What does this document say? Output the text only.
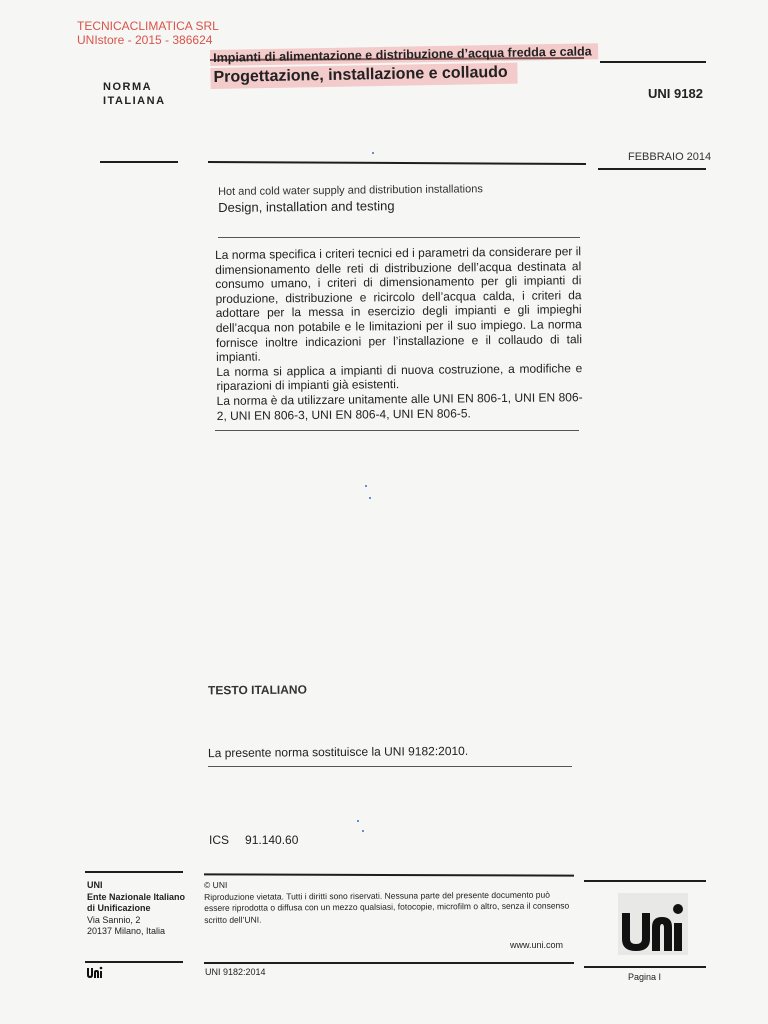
TECNICACLIMATICA SRL
UNIstore - 2015 - 386624
NORMA
ITALIANA
Impianti di alimentazione e distribuzione d’acqua fredda e calda
Progettazione, installazione e collaudo
UNI 9182
FEBBRAIO 2014
Hot and cold water supply and distribution installations
Design, installation and testing

La norma specifica i criteri tecnici ed i parametri da considerare per il dimensionamento delle reti di distribuzione dell’acqua destinata al consumo umano, i criteri di dimensionamento per gli impianti di produzione, distribuzione e ricircolo dell’acqua calda, i criteri da adottare per la messa in esercizio degli impianti e gli impieghi dell’acqua non potabile e le limitazioni per il suo impiego. La norma fornisce inoltre indicazioni per l’installazione e il collaudo di tali impianti.

La norma si applica a impianti di nuova costruzione, a modifiche e riparazioni di impianti già esistenti.

La norma è da utilizzare unitamente alle UNI EN 806-1, UNI EN 806-2, UNI EN 806-3, UNI EN 806-4, UNI EN 806-5.

TESTO ITALIANO
La presente norma sostituisce la UNI 9182:2010.
ICS 91.140.60
UNI
Ente Nazionale Italiano
di Unificazione
Via Sannio, 2
20137 Milano, Italia
© UNI
Riproduzione vietata. Tutti i diritti sono riservati. Nessuna parte del presente documento può essere riprodotta o diffusa con un mezzo qualsiasi, fotocopie, microfilm o altro, senza il consenso scritto dell’UNI.
www.uni.com
UNI 9182:2014	Pagina I
